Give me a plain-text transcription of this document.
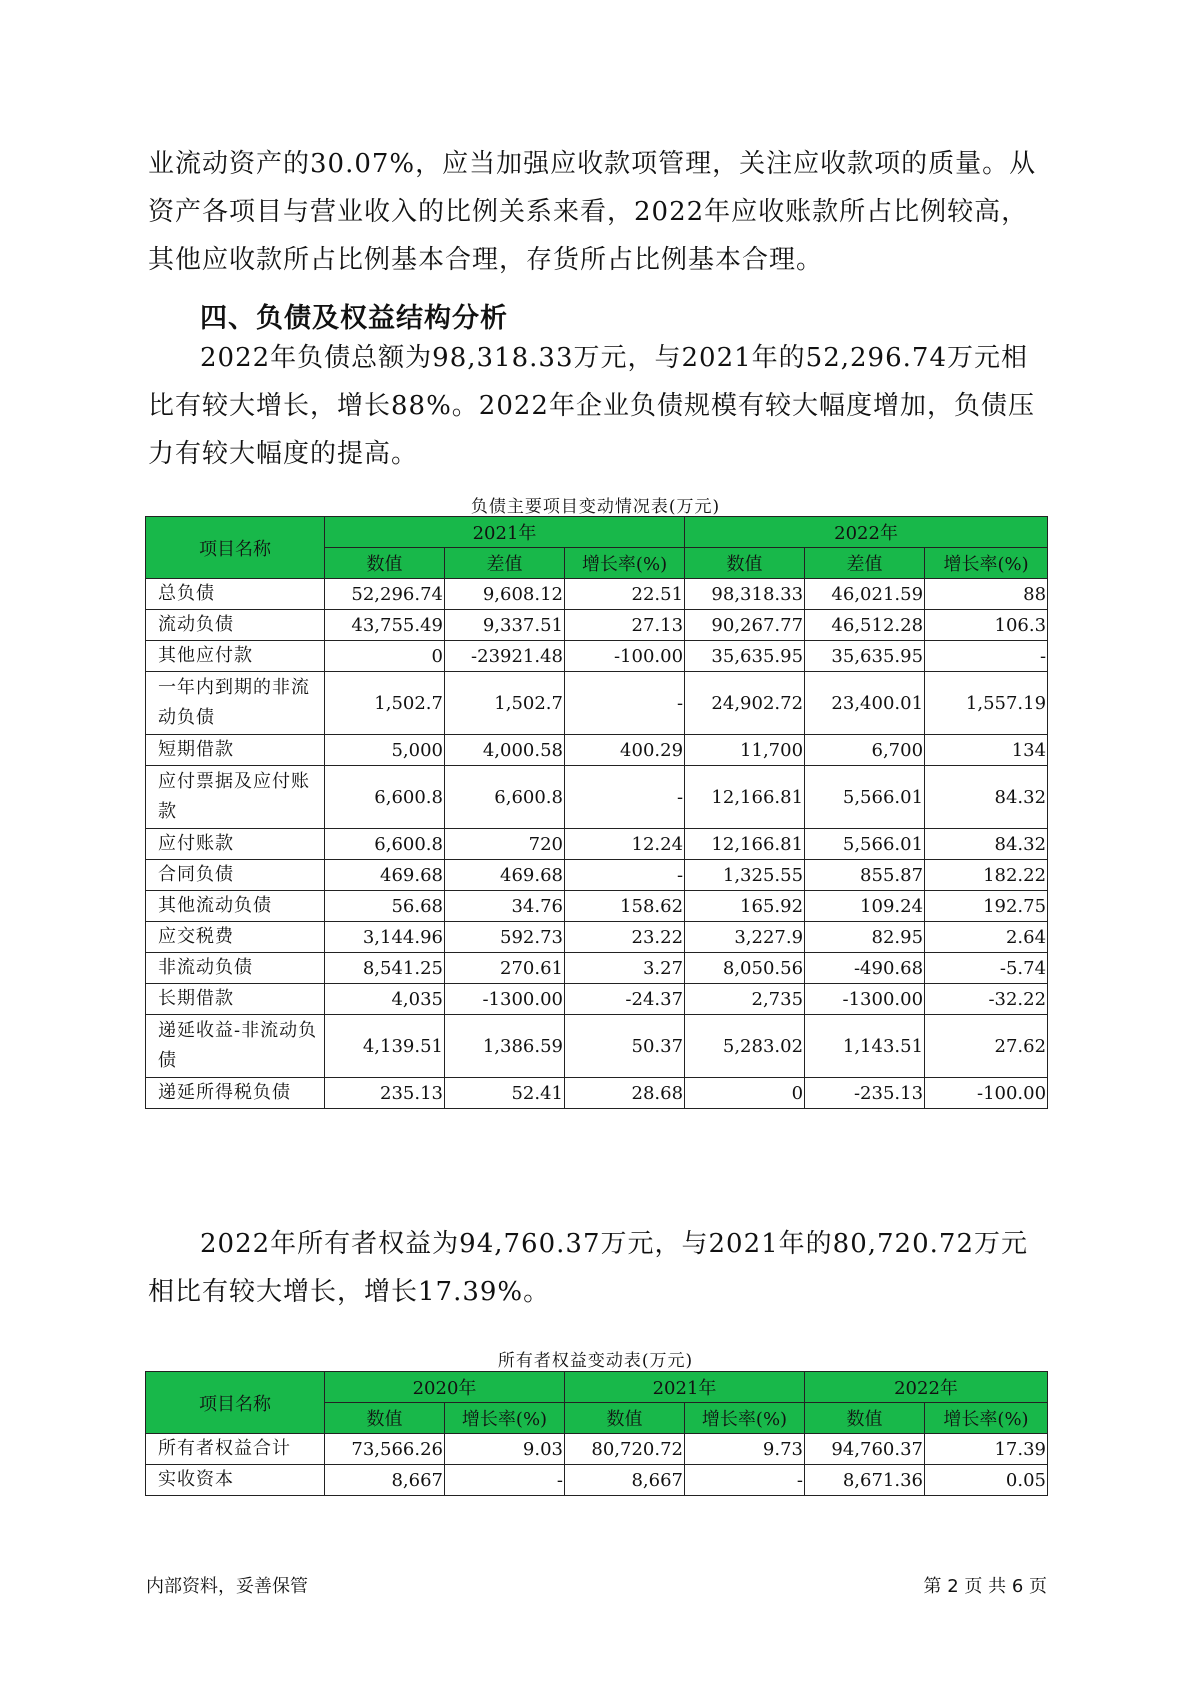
业流动资产的30.07%，应当加强应收款项管理，关注应收款项的质量。从资产各项目与营业收入的比例关系来看，2022年应收账款所占比例较高，其他应收款所占比例基本合理，存货所占比例基本合理。

四、负债及权益结构分析

2022年负债总额为98,318.33万元，与2021年的52,296.74万元相比有较大增长，增长88%。2022年企业负债规模有较大幅度增加，负债压力有较大幅度的提高。

负债主要项目变动情况表(万元)
项目名称	2021年			2022年		
	数值	差值	增长率(%)	数值	差值	增长率(%)
总负债	52,296.74	9,608.12	22.51	98,318.33	46,021.59	88
流动负债	43,755.49	9,337.51	27.13	90,267.77	46,512.28	106.3
其他应付款	0	-23921.48	-100.00	35,635.95	35,635.95	-
一年内到期的非流动负债	1,502.7	1,502.7	-	24,902.72	23,400.01	1,557.19
短期借款	5,000	4,000.58	400.29	11,700	6,700	134
应付票据及应付账款	6,600.8	6,600.8	-	12,166.81	5,566.01	84.32
应付账款	6,600.8	720	12.24	12,166.81	5,566.01	84.32
合同负债	469.68	469.68	-	1,325.55	855.87	182.22
其他流动负债	56.68	34.76	158.62	165.92	109.24	192.75
应交税费	3,144.96	592.73	23.22	3,227.9	82.95	2.64
非流动负债	8,541.25	270.61	3.27	8,050.56	-490.68	-5.74
长期借款	4,035	-1300.00	-24.37	2,735	-1300.00	-32.22
递延收益-非流动负债	4,139.51	1,386.59	50.37	5,283.02	1,143.51	27.62
递延所得税负债	235.13	52.41	28.68	0	-235.13	-100.00

2022年所有者权益为94,760.37万元，与2021年的80,720.72万元相比有较大增长，增长17.39%。

所有者权益变动表(万元)
项目名称	2020年		2021年		2022年	
	数值	增长率(%)	数值	增长率(%)	数值	增长率(%)
所有者权益合计	73,566.26	9.03	80,720.72	9.73	94,760.37	17.39
实收资本	8,667	-	8,667	-	8,671.36	0.05
内部资料，妥善保管	第 2 页 共 6 页
